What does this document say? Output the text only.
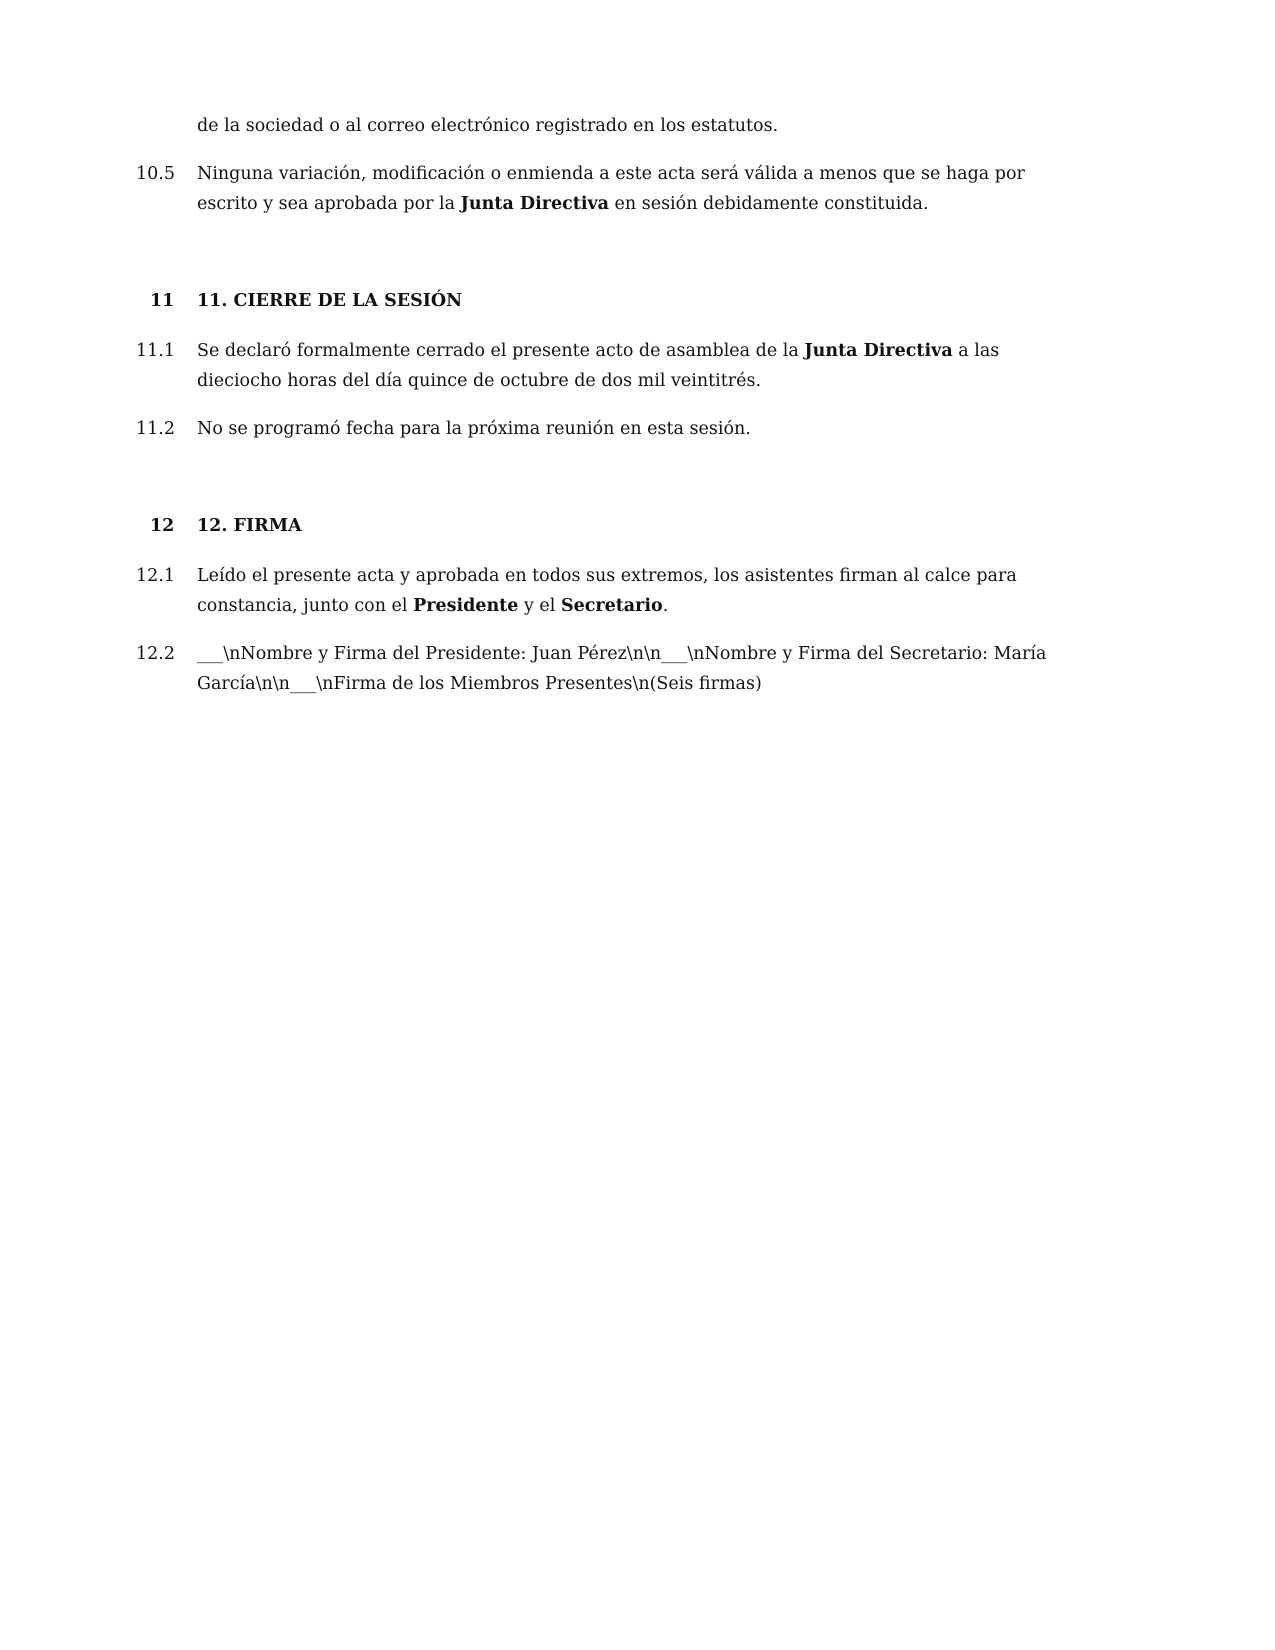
de la sociedad o al correo electrónico registrado en los estatutos.
10.5	Ninguna variación, modificación o enmienda a este acta será válida a menos que se haga por escrito y sea aprobada por la Junta Directiva en sesión debidamente constituida.
11	11. CIERRE DE LA SESIÓN
11.1	Se declaró formalmente cerrado el presente acto de asamblea de la Junta Directiva a las dieciocho horas del día quince de octubre de dos mil veintitrés.
11.2	No se programó fecha para la próxima reunión en esta sesión.
12	12. FIRMA
12.1	Leído el presente acta y aprobada en todos sus extremos, los asistentes firman al calce para constancia, junto con el Presidente y el Secretario.
12.2	___\nNombre y Firma del Presidente: Juan Pérez\n\n___\nNombre y Firma del Secretario: María García\n\n___\nFirma de los Miembros Presentes\n(Seis firmas)
